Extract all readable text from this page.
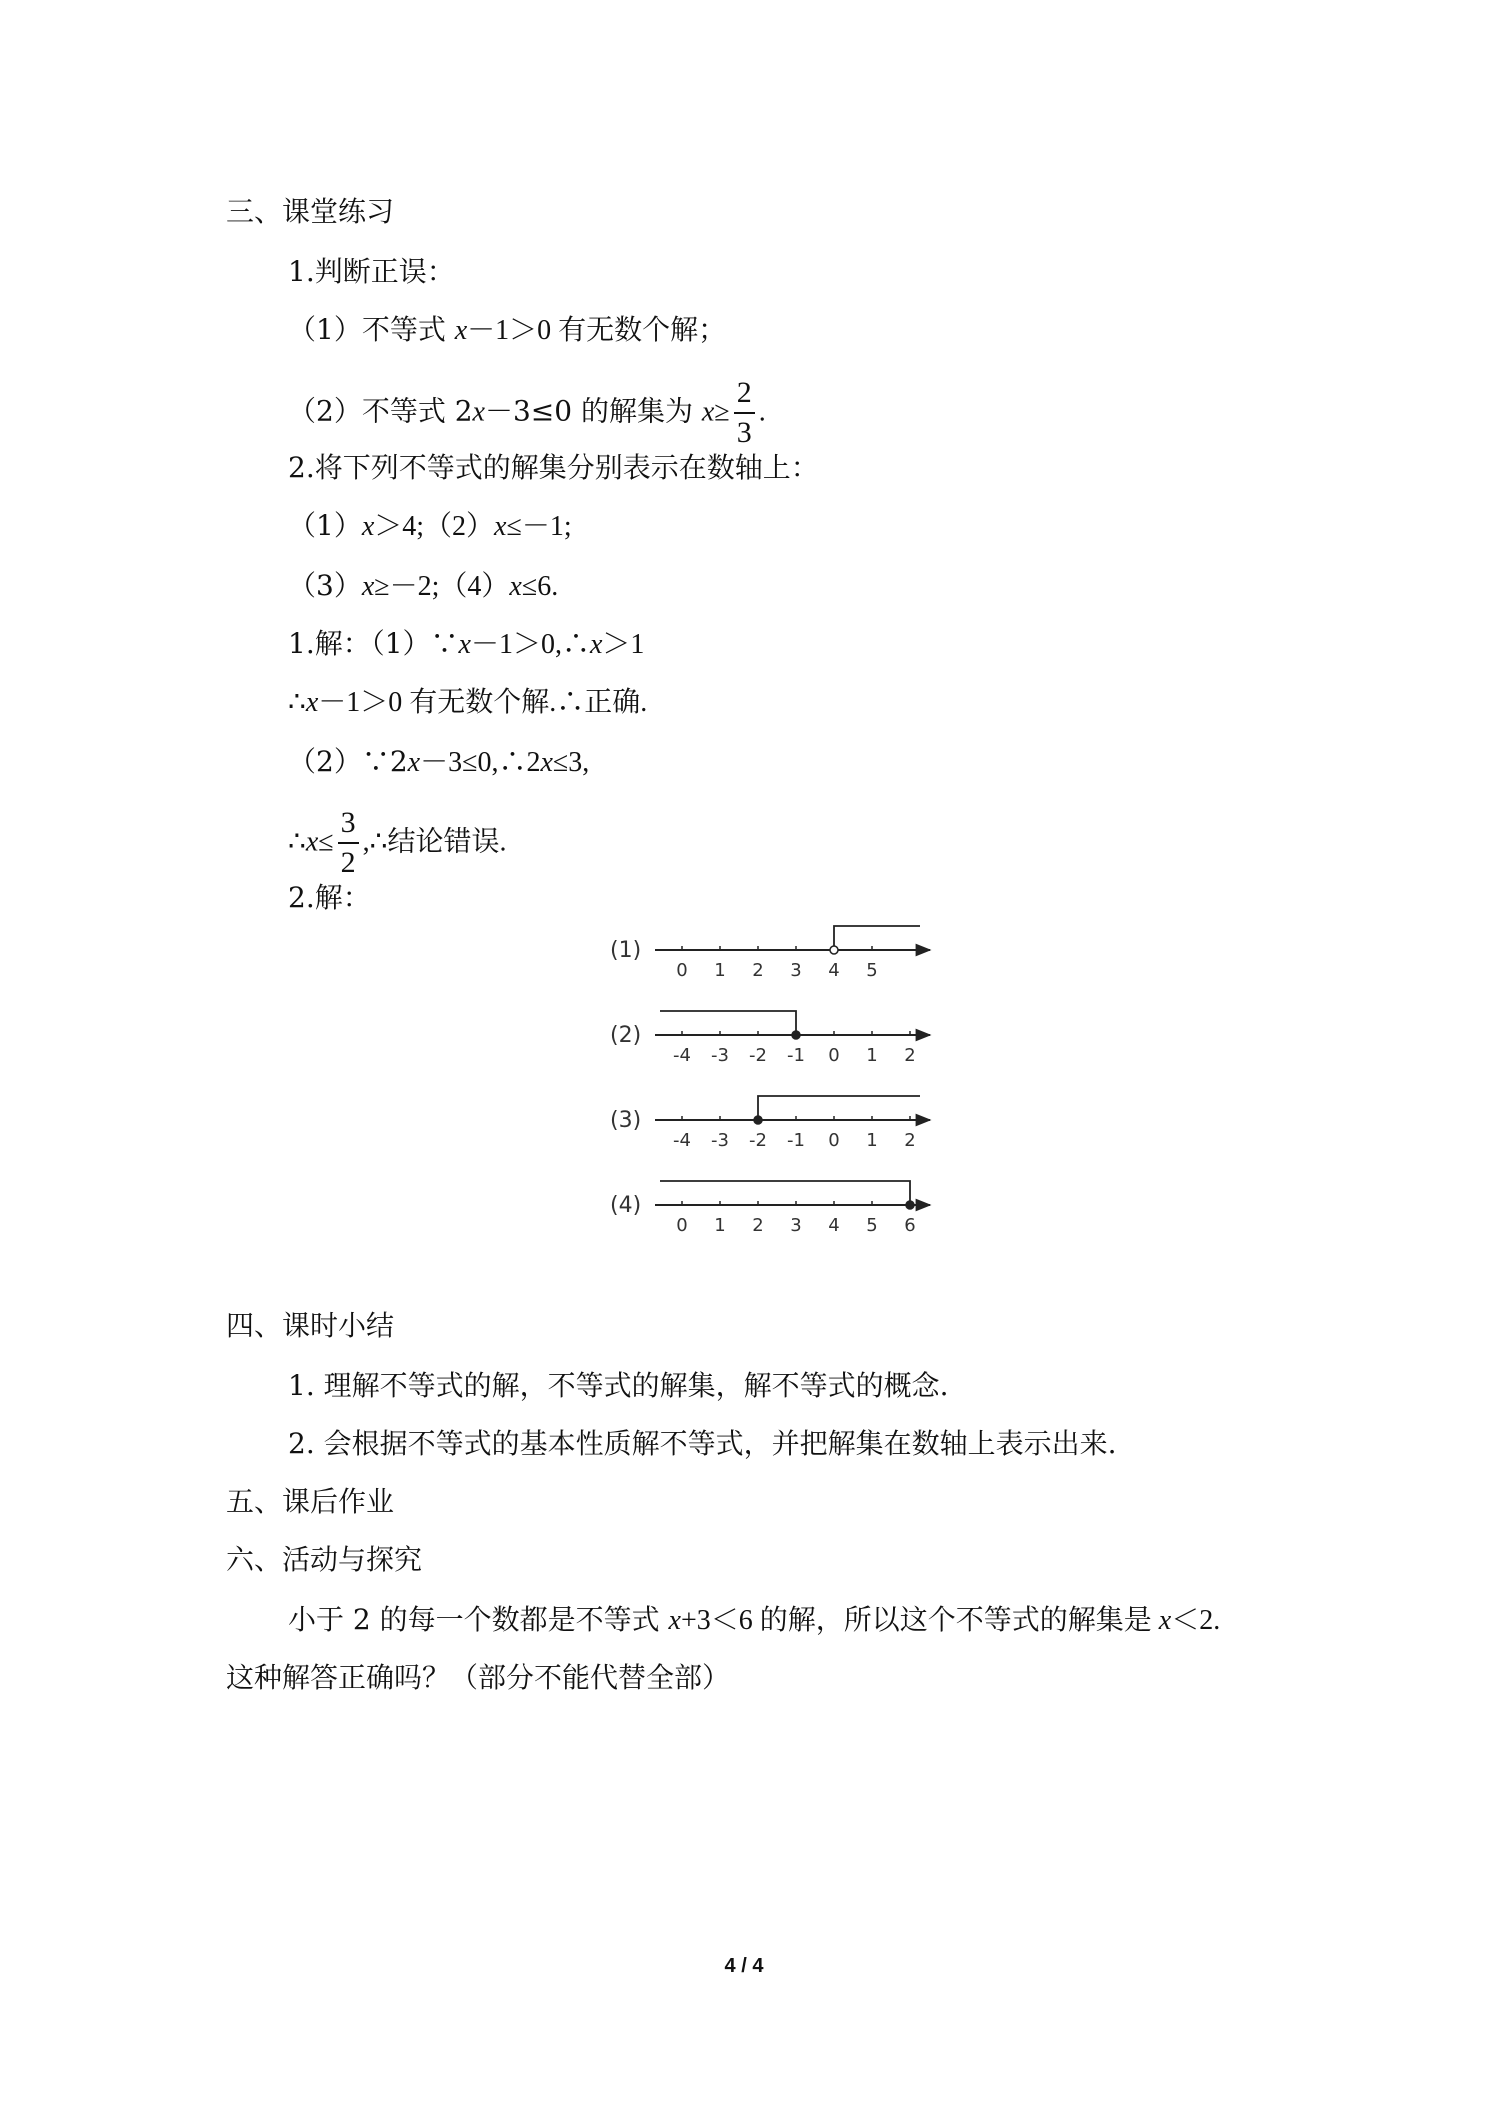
三、课堂练习
1.判断正误：
（1）不等式 x－1＞0 有无数个解；
（2）不等式 2x－3≤0 的解集为 $x\ge \frac{2}{3}$ .
2.将下列不等式的解集分别表示在数轴上：
（1）x＞4;（2）x≤－1;
（3）x≥－2;（4）x≤6.
1.解：（1）∵x－1＞0,∴x＞1
∴x－1＞0 有无数个解.∴正确.
（2）∵2x－3≤0,∴2x≤3,
∴x≤ $\frac{3}{2}$ ,∴结论错误.
2.解：
(1)
0 1 2 3 4 5
(2)
-4 -3 -2 -1 0 1 2
(3)
-4 -3 -2 -1 0 1 2
(4)
0 1 2 3 4 5 6
四、课时小结
1. 理解不等式的解，不等式的解集，解不等式的概念.
2. 会根据不等式的基本性质解不等式，并把解集在数轴上表示出来.
五、课后作业
六、活动与探究
小于 2 的每一个数都是不等式 x+3＜6 的解，所以这个不等式的解集是 x＜2.
这种解答正确吗？（部分不能代替全部）
4 / 4
